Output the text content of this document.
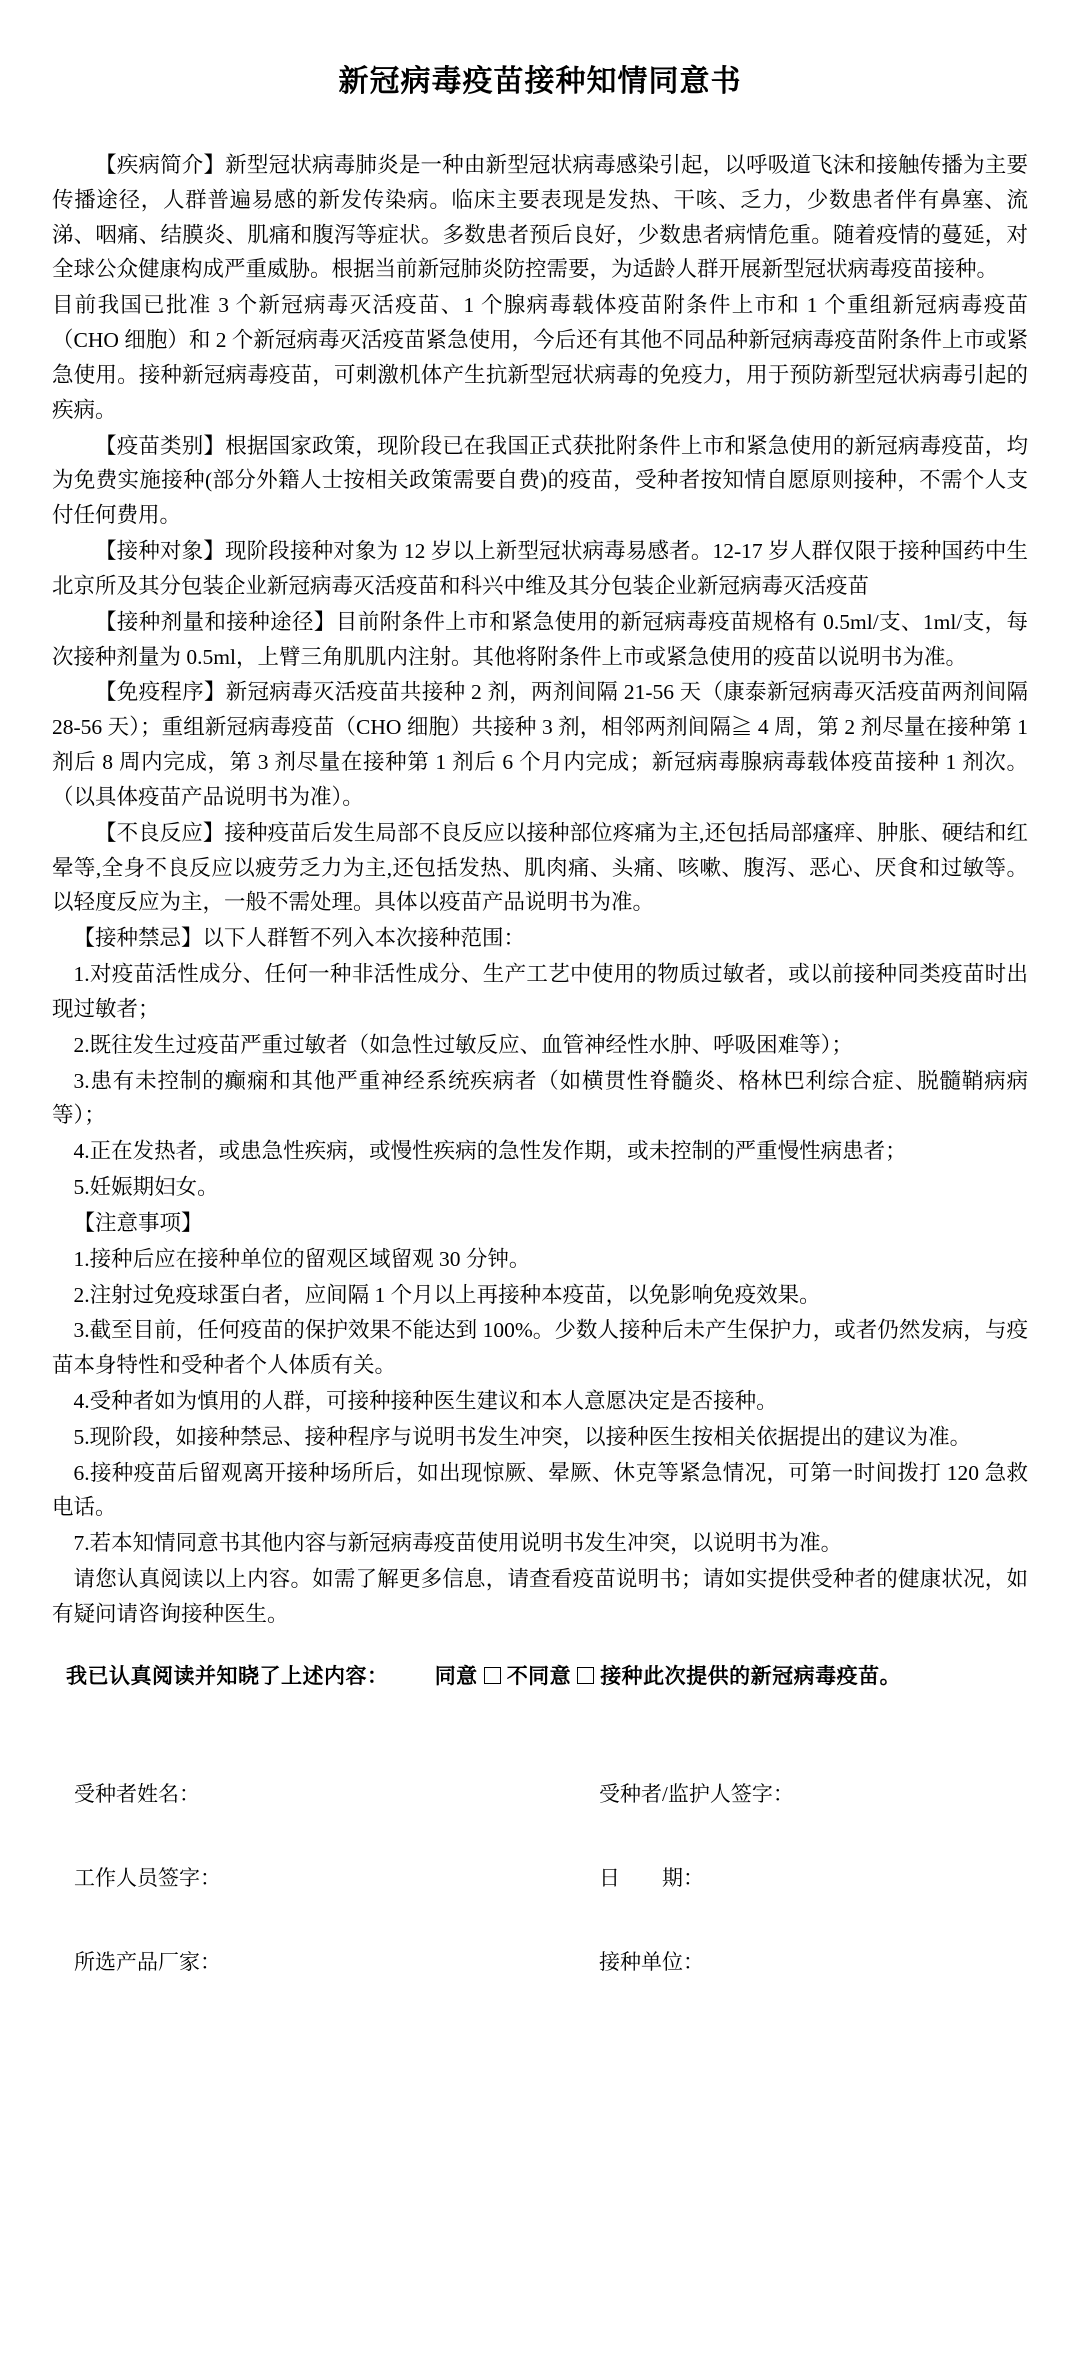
新冠病毒疫苗接种知情同意书

【疾病简介】新型冠状病毒肺炎是一种由新型冠状病毒感染引起，以呼吸道飞沫和接触传播为主要传播途径，人群普遍易感的新发传染病。临床主要表现是发热、干咳、乏力，少数患者伴有鼻塞、流涕、咽痛、结膜炎、肌痛和腹泻等症状。多数患者预后良好，少数患者病情危重。随着疫情的蔓延，对全球公众健康构成严重威胁。根据当前新冠肺炎防控需要，为适龄人群开展新型冠状病毒疫苗接种。

目前我国已批准 3 个新冠病毒灭活疫苗、1 个腺病毒载体疫苗附条件上市和 1 个重组新冠病毒疫苗（CHO 细胞）和 2 个新冠病毒灭活疫苗紧急使用，今后还有其他不同品种新冠病毒疫苗附条件上市或紧急使用。接种新冠病毒疫苗，可刺激机体产生抗新型冠状病毒的免疫力，用于预防新型冠状病毒引起的疾病。

【疫苗类别】根据国家政策，现阶段已在我国正式获批附条件上市和紧急使用的新冠病毒疫苗，均为免费实施接种(部分外籍人士按相关政策需要自费)的疫苗，受种者按知情自愿原则接种，不需个人支付任何费用。

【接种对象】现阶段接种对象为 12 岁以上新型冠状病毒易感者。12-17 岁人群仅限于接种国药中生北京所及其分包装企业新冠病毒灭活疫苗和科兴中维及其分包装企业新冠病毒灭活疫苗

【接种剂量和接种途径】目前附条件上市和紧急使用的新冠病毒疫苗规格有 0.5ml/支、1ml/支，每次接种剂量为 0.5ml，上臂三角肌肌内注射。其他将附条件上市或紧急使用的疫苗以说明书为准。

【免疫程序】新冠病毒灭活疫苗共接种 2 剂，两剂间隔 21-56 天（康泰新冠病毒灭活疫苗两剂间隔 28-56 天）；重组新冠病毒疫苗（CHO 细胞）共接种 3 剂，相邻两剂间隔≧ 4 周，第 2 剂尽量在接种第 1 剂后 8 周内完成，第 3 剂尽量在接种第 1 剂后 6 个月内完成；新冠病毒腺病毒载体疫苗接种 1 剂次。（以具体疫苗产品说明书为准）。

【不良反应】接种疫苗后发生局部不良反应以接种部位疼痛为主,还包括局部瘙痒、肿胀、硬结和红晕等,全身不良反应以疲劳乏力为主,还包括发热、肌肉痛、头痛、咳嗽、腹泻、恶心、厌食和过敏等。以轻度反应为主，一般不需处理。具体以疫苗产品说明书为准。

【接种禁忌】以下人群暂不列入本次接种范围：

1.对疫苗活性成分、任何一种非活性成分、生产工艺中使用的物质过敏者，或以前接种同类疫苗时出现过敏者；

2.既往发生过疫苗严重过敏者（如急性过敏反应、血管神经性水肿、呼吸困难等）；

3.患有未控制的癫痫和其他严重神经系统疾病者（如横贯性脊髓炎、格林巴利综合症、脱髓鞘病病等）；

4.正在发热者，或患急性疾病，或慢性疾病的急性发作期，或未控制的严重慢性病患者；

5.妊娠期妇女。

【注意事项】

1.接种后应在接种单位的留观区域留观 30 分钟。

2.注射过免疫球蛋白者，应间隔 1 个月以上再接种本疫苗，以免影响免疫效果。

3.截至目前，任何疫苗的保护效果不能达到 100%。少数人接种后未产生保护力，或者仍然发病，与疫苗本身特性和受种者个人体质有关。

4.受种者如为慎用的人群，可接种接种医生建议和本人意愿决定是否接种。

5.现阶段，如接种禁忌、接种程序与说明书发生冲突，以接种医生按相关依据提出的建议为准。

6.接种疫苗后留观离开接种场所后，如出现惊厥、晕厥、休克等紧急情况，可第一时间拨打 120 急救电话。

7.若本知情同意书其他内容与新冠病毒疫苗使用说明书发生冲突，以说明书为准。

请您认真阅读以上内容。如需了解更多信息，请查看疫苗说明书；请如实提供受种者的健康状况，如有疑问请咨询接种医生。

我已认真阅读并知晓了上述内容： 同意 不同意 接种此次提供的新冠病毒疫苗。
受种者姓名：	受种者/监护人签字：
工作人员签字：	日　　期：
所选产品厂家：	接种单位：
